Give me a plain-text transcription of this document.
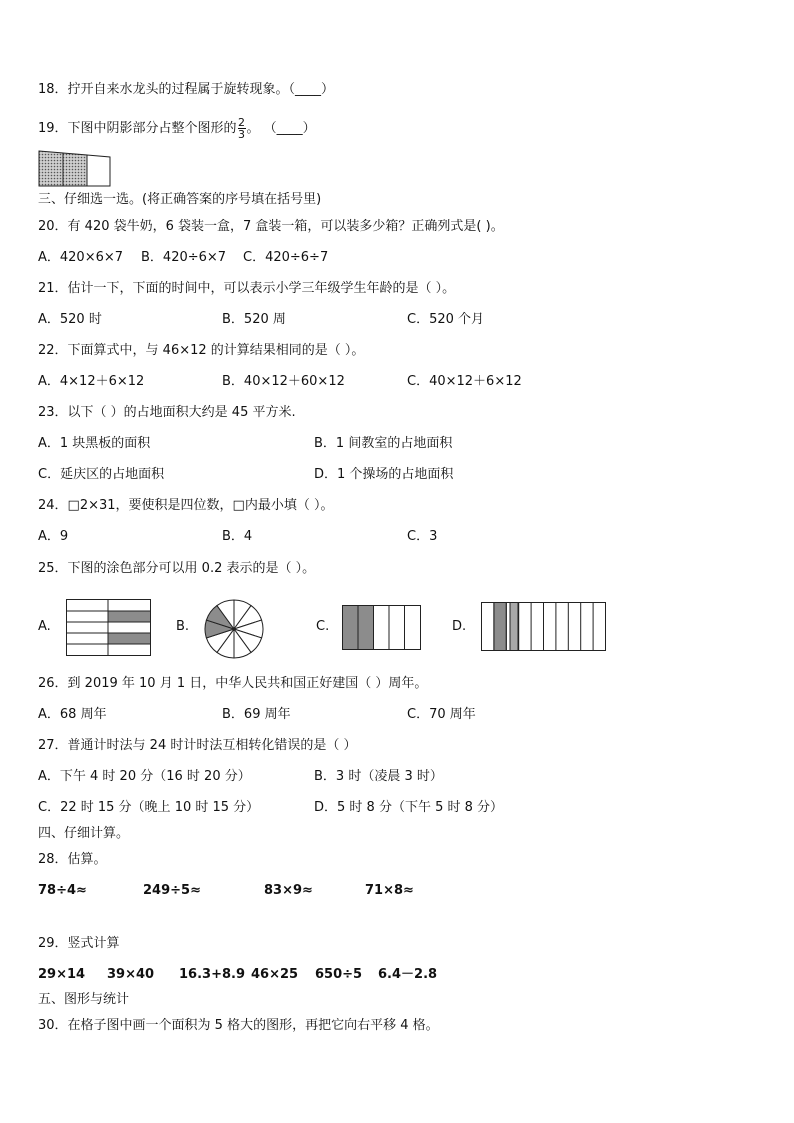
18．拧开自来水龙头的过程属于旋转现象。（____）
19．下图中阴影部分占整个图形的 $\frac{2}{3}$ 。 （____）
三、仔细选一选。(将正确答案的序号填在括号里)
20．有 420 袋牛奶，6 袋装一盒，7 盒装一箱，可以装多少箱？正确列式是( )。
A．420×6×7 B．420÷6×7 C．420÷6÷7
21．估计一下，下面的时间中，可以表示小学三年级学生年龄的是（ ）。
A．520 时	B．520 周	C．520 个月
22．下面算式中，与 46×12 的计算结果相同的是（ ）。
A．4×12＋6×12	B．40×12＋60×12	C．40×12＋6×12
23．以下（ ）的占地面积大约是 45 平方米.
A．1 块黑板的面积	B．1 间教室的占地面积
C．延庆区的占地面积	D．1 个操场的占地面积
24．□2×31，要使积是四位数，□内最小填（ ）。
A．9	B．4	C．3
25．下图的涂色部分可以用 0.2 表示的是（ ）。
A.	B.	C.	D.
26．到 2019 年 10 月 1 日，中华人民共和国正好建国（ ）周年。
A．68 周年	B．69 周年	C．70 周年
27．普通计时法与 24 时计时法互相转化错误的是（ ）
A．下午 4 时 20 分（16 时 20 分）	B．3 时（凌晨 3 时）
C．22 时 15 分（晚上 10 时 15 分）	D．5 时 8 分（下午 5 时 8 分）
四、仔细计算。
28．估算。
78÷4≈	249÷5≈	83×9≈	71×8≈
29．竖式计算
29×14 39×40 16.3+8.9 46×25 650÷5 6.4－2.8
五、图形与统计
30．在格子图中画一个面积为 5 格大的图形，再把它向右平移 4 格。
